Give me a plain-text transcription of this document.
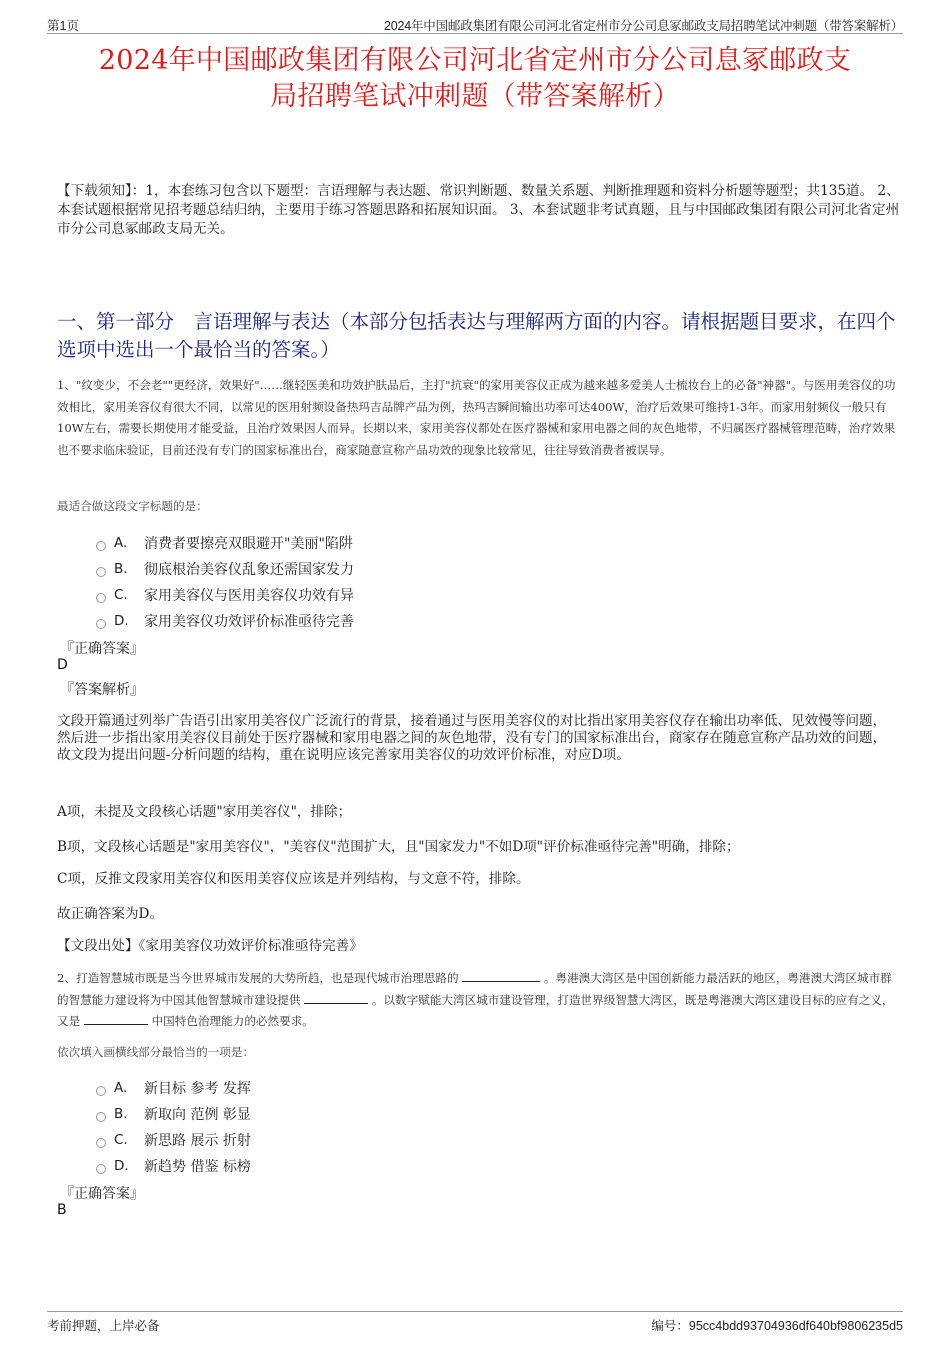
第1页	2024年中国邮政集团有限公司河北省定州市分公司息冢邮政支局招聘笔试冲刺题（带答案解析）
2024年中国邮政集团有限公司河北省定州市分公司息冢邮政支
局招聘笔试冲刺题（带答案解析）
【下载须知】：1，本套练习包含以下题型：言语理解与表达题、常识判断题、数量关系题、判断推理题和资料分析题等题型；共135道。 2、本套试题根据常见招考题总结归纳，主要用于练习答题思路和拓展知识面。 3、本套试题非考试真题，且与中国邮政集团有限公司河北省定州市分公司息冢邮政支局无关。
一、第一部分　言语理解与表达（本部分包括表达与理解两方面的内容。请根据题目要求，在四个选项中选出一个最恰当的答案。）
1、"纹变少，不会老""更经济，效果好"……继轻医美和功效护肤品后，主打"抗衰"的家用美容仪正成为越来越多爱美人士梳妆台上的必备"神器"。与医用美容仪的功效相比，家用美容仪有很大不同，以常见的医用射频设备热玛吉品牌产品为例，热玛吉瞬间输出功率可达400W，治疗后效果可维持1-3年。而家用射频仪一般只有10W左右，需要长期使用才能受益，且治疗效果因人而异。长期以来，家用美容仪都处在医疗器械和家用电器之间的灰色地带，不归属医疗器械管理范畴，治疗效果也不要求临床验证，目前还没有专门的国家标准出台，商家随意宣称产品功效的现象比较常见，往往导致消费者被误导。
最适合做这段文字标题的是：
A.	消费者要擦亮双眼避开"美丽"陷阱
B.	彻底根治美容仪乱象还需国家发力
C.	家用美容仪与医用美容仪功效有异
D.	家用美容仪功效评价标准亟待完善
『正确答案』
D
『答案解析』
文段开篇通过列举广告语引出家用美容仪广泛流行的背景，接着通过与医用美容仪的对比指出家用美容仪存在输出功率低、见效慢等问题，然后进一步指出家用美容仪目前处于医疗器械和家用电器之间的灰色地带，没有专门的国家标准出台，商家存在随意宣称产品功效的问题，故文段为提出问题-分析问题的结构，重在说明应该完善家用美容仪的功效评价标准，对应D项。
A项，未提及文段核心话题"家用美容仪"，排除；
B项，文段核心话题是"家用美容仪"，"美容仪"范围扩大，且"国家发力"不如D项"评价标准亟待完善"明确，排除；
C项，反推文段家用美容仪和医用美容仪应该是并列结构，与文意不符，排除。
故正确答案为D。
【文段出处】《家用美容仪功效评价标准亟待完善》
2、打造智慧城市既是当今世界城市发展的大势所趋，也是现代城市治理思路的	。粤港澳大湾区是中国创新能力最活跃的地区，粤港澳大湾区城市群的智慧能力建设将为中国其他智慧城市建设提供	。以数字赋能大湾区城市建设管理，打造世界级智慧大湾区，既是粤港澳大湾区建设目标的应有之义，又是	中国特色治理能力的必然要求。
依次填入画横线部分最恰当的一项是：
A.	新目标 参考 发挥
B.	新取向 范例 彰显
C.	新思路 展示 折射
D.	新趋势 借鉴 标榜
『正确答案』
B
考前押题，上岸必备	编号：95cc4bdd93704936df640bf9806235d5
